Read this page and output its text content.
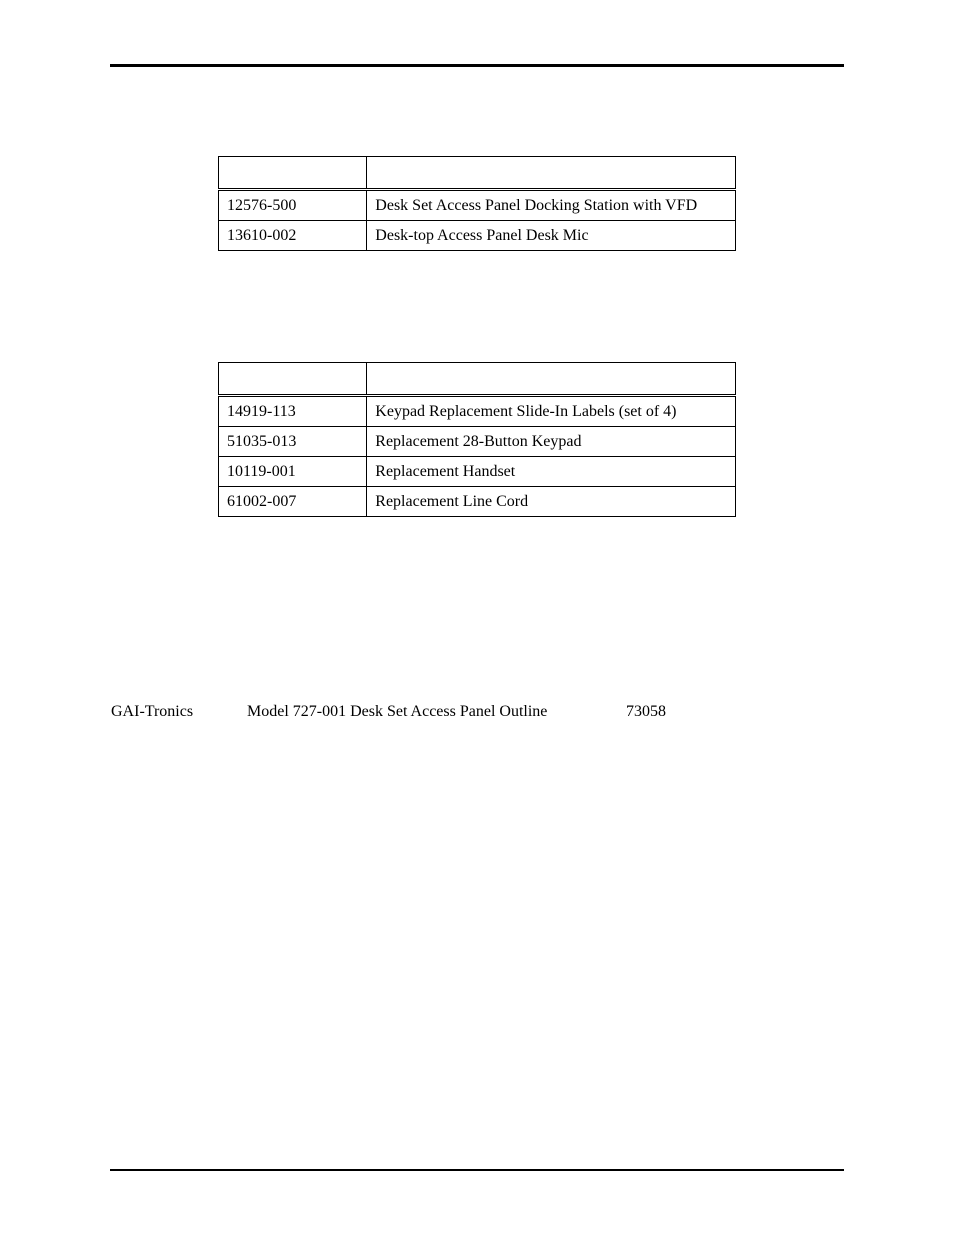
12576-500	Desk Set Access Panel Docking Station with VFD
13610-002	Desk-top Access Panel Desk Mic

14919-113	Keypad Replacement Slide-In Labels (set of 4)
51035-013	Replacement 28-Button Keypad
10119-001	Replacement Handset
61002-007	Replacement Line Cord
GAI-Tronics	Model 727-001 Desk Set Access Panel Outline	73058
